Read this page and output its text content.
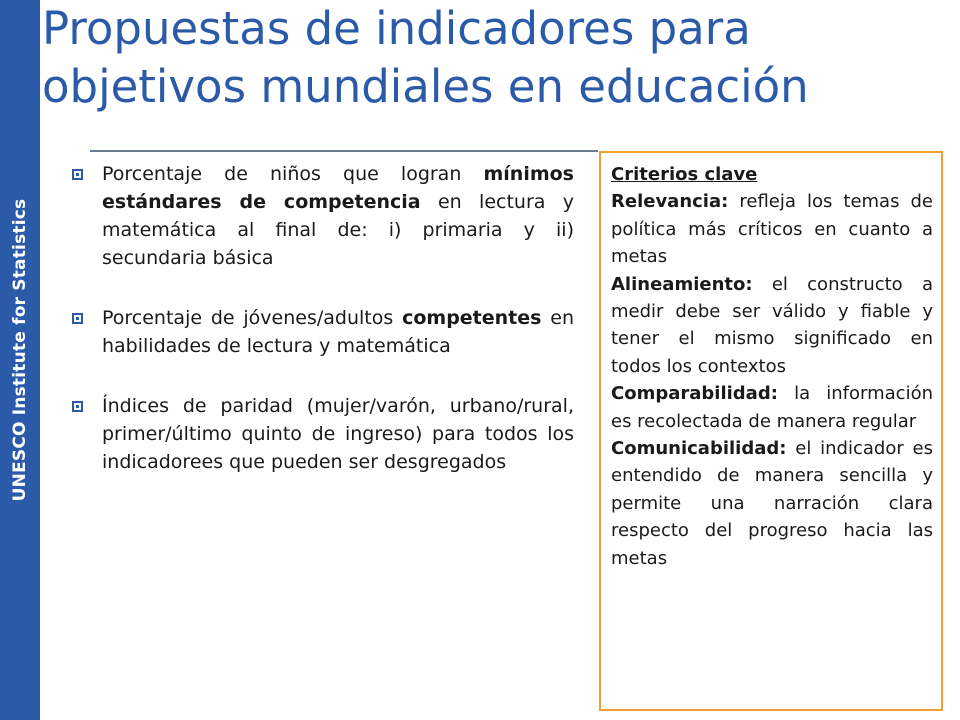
UNESCO Institute for Statistics
Propuestas de indicadores para
objetivos mundiales en educación

Porcentaje de niños que logran mínimos estándares de competencia en lectura y matemática al final de: i) primaria y ii) secundaria básica

Porcentaje de jóvenes/adultos competentes en habilidades de lectura y matemática

Índices de paridad (mujer/varón, urbano/rural, primer/último quinto de ingreso) para todos los indicadorees que pueden ser desgregados

Criterios clave

Relevancia: refleja los temas de política más críticos en cuanto a metas

Alineamiento: el constructo a medir debe ser válido y fiable y tener el mismo significado en todos los contextos

Comparabilidad: la información es recolectada de manera regular

Comunicabilidad: el indicador es entendido de manera sencilla y permite una narración clara respecto del progreso hacia las metas
